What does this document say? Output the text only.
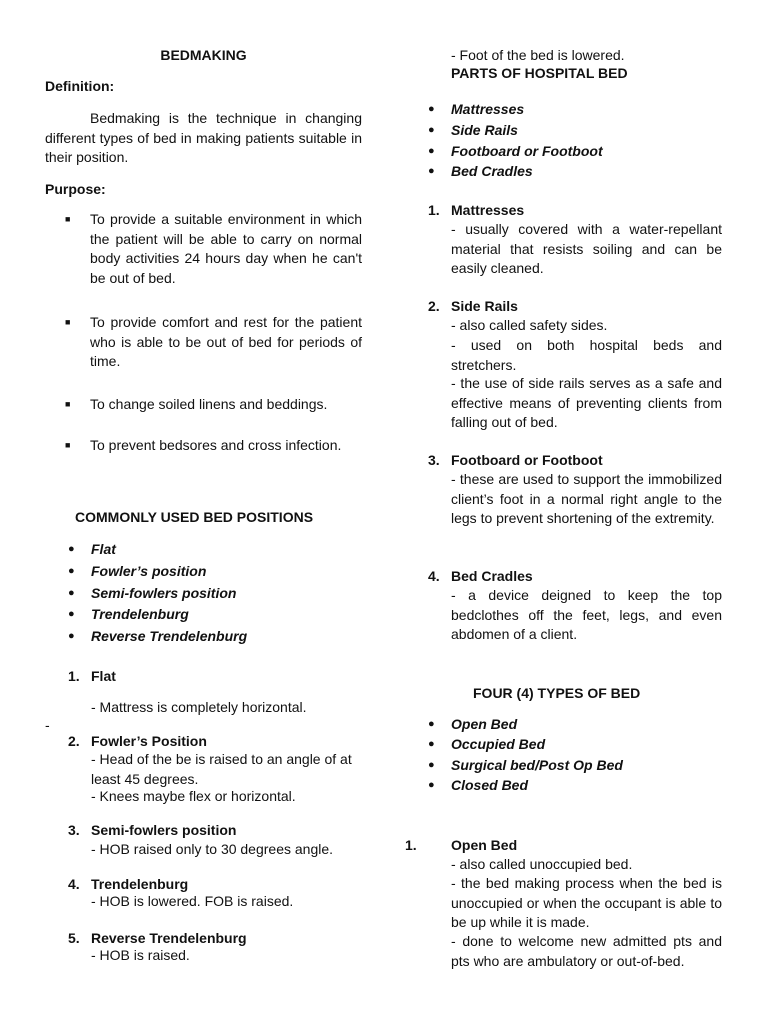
BEDMAKING
Definition:
Bedmaking is the technique in changing different types of bed in making patients suitable in their position.
Purpose:
■ To provide a suitable environment in which the patient will be able to carry on normal body activities 24 hours day when he can't be out of bed.
■ To provide comfort and rest for the patient who is able to be out of bed for periods of time.
■ To change soiled linens and beddings.
■ To prevent bedsores and cross infection.
COMMONLY USED BED POSITIONS
● Flat
● Fowler’s position
● Semi-fowlers position
● Trendelenburg
● Reverse Trendelenburg
1. Flat
- Mattress is completely horizontal.
-
2. Fowler’s Position
- Head of the be is raised to an angle of at least 45 degrees.
- Knees maybe flex or horizontal.
3. Semi-fowlers position
- HOB raised only to 30 degrees angle.
4. Trendelenburg
- HOB is lowered. FOB is raised.
5. Reverse Trendelenburg
- HOB is raised.
- Foot of the bed is lowered.
PARTS OF HOSPITAL BED
● Mattresses
● Side Rails
● Footboard or Footboot
● Bed Cradles
1. Mattresses
- usually covered with a water-repellant material that resists soiling and can be easily cleaned.
2. Side Rails
- also called safety sides.
- used on both hospital beds and stretchers.
- the use of side rails serves as a safe and effective means of preventing clients from falling out of bed.
3. Footboard or Footboot
- these are used to support the immobilized client’s foot in a normal right angle to the legs to prevent shortening of the extremity.
4. Bed Cradles
- a device deigned to keep the top bedclothes off the feet, legs, and even abdomen of a client.
FOUR (4) TYPES OF BED
● Open Bed
● Occupied Bed
● Surgical bed/Post Op Bed
● Closed Bed
1. Open Bed
- also called unoccupied bed.
- the bed making process when the bed is unoccupied or when the occupant is able to be up while it is made.
- done to welcome new admitted pts and pts who are ambulatory or out-of-bed.
